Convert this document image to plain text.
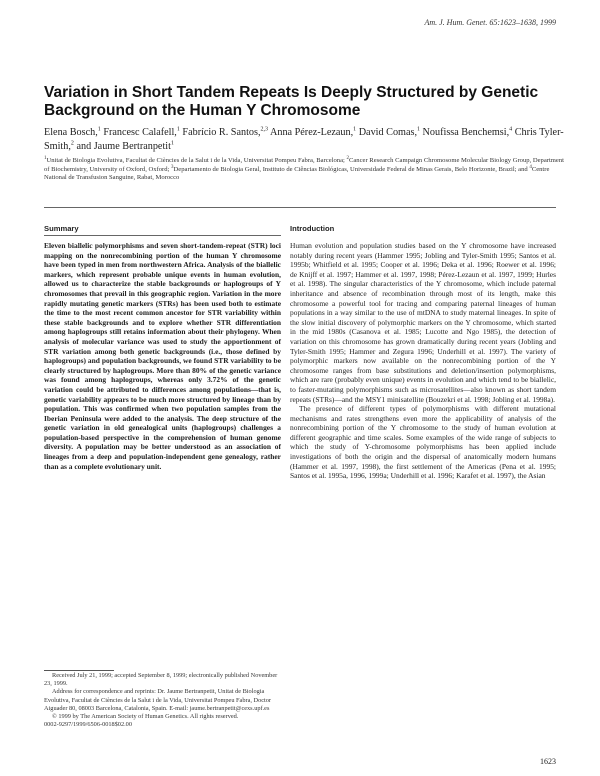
Am. J. Hum. Genet. 65:1623–1638, 1999
Variation in Short Tandem Repeats Is Deeply Structured by Genetic Background on the Human Y Chromosome
Elena Bosch,$^1$ Francesc Calafell,$^1$ Fabrício R. Santos,$^{2,3}$ Anna Pérez-Lezaun,$^1$ David Comas,$^1$ Noufissa Benchemsi,$^4$ Chris Tyler-Smith,$^2$ and Jaume Bertranpetit$^1$
$^1$Unitat de Biologia Evolutiva, Facultat de Ciències de la Salut i de la Vida, Universitat Pompeu Fabra, Barcelona; $^2$Cancer Research Campaign Chromosome Molecular Biology Group, Department of Biochemistry, University of Oxford, Oxford; $^3$Departamento de Biologia Geral, Instituto de Ciências Biológicas, Universidade Federal de Minas Gerais, Belo Horizonte, Brazil; and $^4$Centre National de Transfusion Sanguine, Rabat, Morocco
Summary	Introduction
Eleven biallelic polymorphisms and seven short-tandem-repeat (STR) loci mapping on the nonrecombining portion of the human Y chromosome have been typed in men from northwestern Africa. Analysis of the biallelic markers, which represent probable unique events in human evolution, allowed us to characterize the stable backgrounds or haplogroups of Y chromosomes that prevail in this geographic region. Variation in the more rapidly mutating genetic markers (STRs) has been used both to estimate the time to the most recent common ancestor for STR variability within these stable backgrounds and to explore whether STR differentiation among haplogroups still retains information about their phylogeny. When analysis of molecular variance was used to study the apportionment of STR variation among both genetic backgrounds (i.e., those defined by haplogroups) and population backgrounds, we found STR variability to be clearly structured by haplogroups. More than 80% of the genetic variance was found among haplogroups, whereas only 3.72% of the genetic variation could be attributed to differences among populations—that is, genetic variability appears to be much more structured by lineage than by population. This was confirmed when two population samples from the Iberian Peninsula were added to the analysis. The deep structure of the genetic variation in old genealogical units (haplogroups) challenges a population-based perspective in the comprehension of human genome diversity. A population may be better understood as an association of lineages from a deep and population-independent gene genealogy, rather than as a complete evolutionary unit.

Human evolution and population studies based on the Y chromosome have increased notably during recent years (Hammer 1995; Jobling and Tyler-Smith 1995; Santos et al. 1995b; Whitfield et al. 1995; Cooper et al. 1996; Deka et al. 1996; Roewer et al. 1996; de Knijff et al. 1997; Hammer et al. 1997, 1998; Pérez-Lezaun et al. 1997, 1999; Hurles et al. 1998). The singular characteristics of the Y chromosome, which include paternal inheritance and absence of recombination through most of its length, make this chromosome a powerful tool for tracing and comparing paternal lineages of human populations in a way similar to the use of mtDNA to study maternal lineages. In spite of the slow initial discovery of polymorphic markers on the Y chromosome, which started in the mid 1980s (Casanova et al. 1985; Lucotte and Ngo 1985), the detection of variation on this chromosome has grown dramatically during recent years (Jobling and Tyler-Smith 1995; Hammer and Zegura 1996; Underhill et al. 1997). The variety of polymorphic markers now available on the nonrecombining portion of the Y chromosome ranges from base substitutions and deletion/insertion polymorphisms, which are rare (probably even unique) events in evolution and which tend to be biallelic, to faster-mutating polymorphisms such as microsatellites—also known as short tandem repeats (STRs)—and the MSY1 minisatellite (Bouzekri et al. 1998; Jobling et al. 1998a).

The presence of different types of polymorphisms with different mutational mechanisms and rates strengthens even more the applicability of analysis of the nonrecombining portion of the Y chromosome to the study of human evolution at different geographic and time scales. Some examples of the wide range of subjects to which the study of Y-chromosome polymorphisms has been applied include investigations of both the origin and the dispersal of anatomically modern humans (Hammer et al. 1997, 1998), the first settlement of the Americas (Pena et al. 1995; Santos et al. 1995a, 1996, 1999a; Underhill et al. 1996; Karafet et al. 1997), the Asian

Received July 21, 1999; accepted September 8, 1999; electronically published November 23, 1999.

Address for correspondence and reprints: Dr. Jaume Bertranpetit, Unitat de Biologia Evolutiva, Facultat de Ciències de la Salut i de la Vida, Universitat Pompeu Fabra, Doctor Aiguader 80, 08003 Barcelona, Catalonia, Spain. E-mail: jaume.bertranpetit@cexs.upf.es

© 1999 by The American Society of Human Genetics. All rights reserved.

0002-9297/1999/6506-0018$02.00

1623
